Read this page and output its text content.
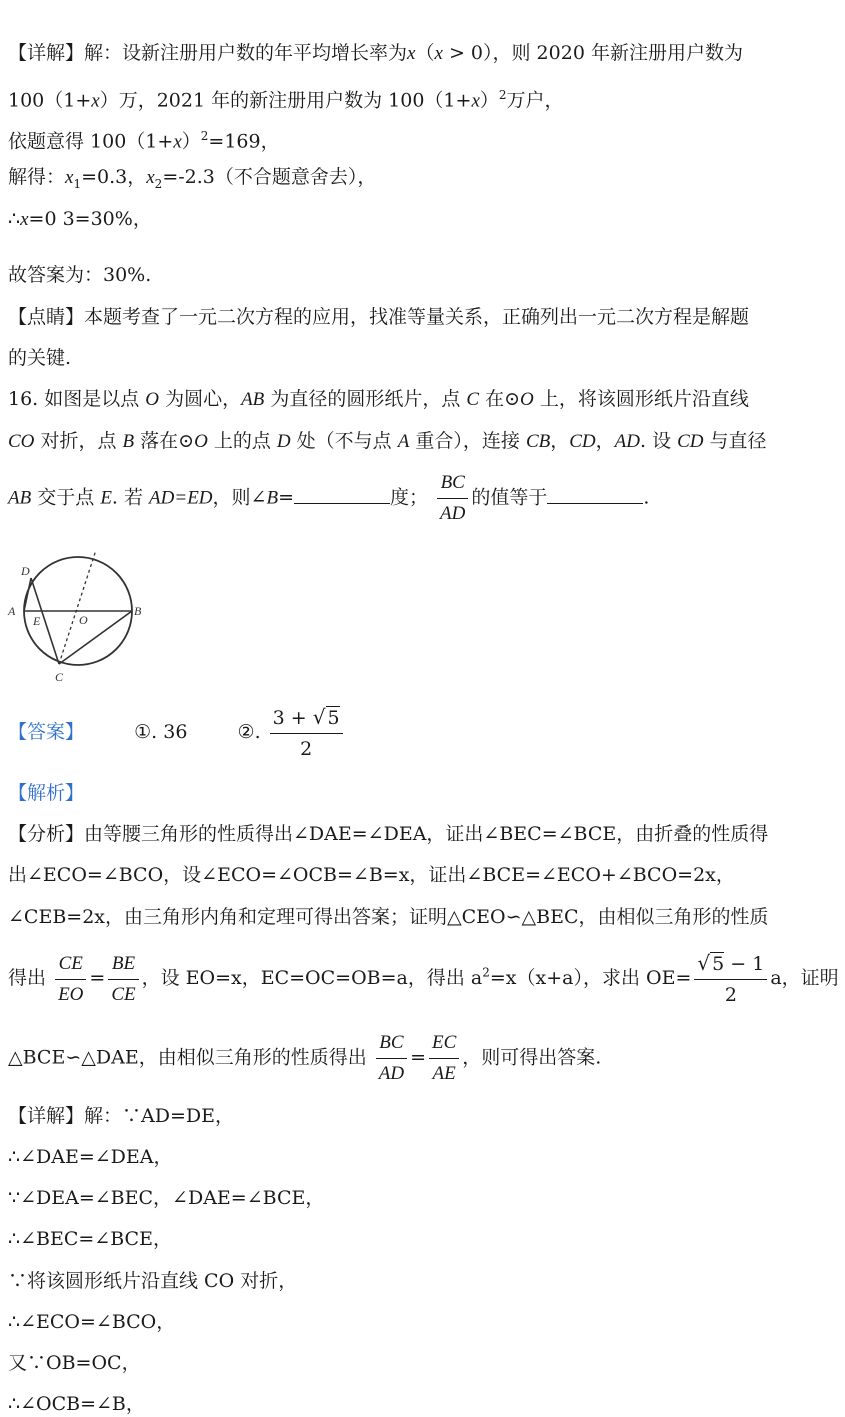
【详解】解：设新注册用户数的年平均增长率为x（x > 0），则 2020 年新注册用户数为
100（1+x）万，2021 年的新注册用户数为 $100(1+x)^2$万户，
依题意得 $100(1+x)^2=169$，
解得：$x_1=0.3$，$x_2=-2.3$（不合题意舍去），
∴x=0 3=30%，
故答案为：30%.
【点睛】本题考查了一元二次方程的应用，找准等量关系，正确列出一元二次方程是解题
的关键.
16. 如图是以点 O 为圆心，AB 为直径的圆形纸片，点 C 在⊙O 上，将该圆形纸片沿直线
CO 对折，点 B 落在⊙O 上的点 D 处（不与点 A 重合），连接 CB，CD，AD. 设 CD 与直径
AB 交于点 E. 若 AD=ED，则∠B=	度； $\frac{BC}{AD}$ 的值等于	.
D
A
E	O
B
C
【答案】	①. 36	②. $\frac{3 + √ 5}{2}$
【解析】
【分析】由等腰三角形的性质得出∠DAE=∠DEA，证出∠BEC=∠BCE，由折叠的性质得
出∠ECO=∠BCO，设∠ECO=∠OCB=∠B=x，证出∠BCE=∠ECO+∠BCO=2x，
∠CEB=2x，由三角形内角和定理可得出答案；证明△CEO∽△BEC，由相似三角形的性质
得出 $\frac{CE}{EO} = \frac{BE}{CE}$ ，设 EO=x，EC=OC=OB=a，得出 $a^2=x(x+a)$，求出 $OE= \frac{√ 5 - 1}{2}$ a，证明
△BCE∽△DAE，由相似三角形的性质得出 $\frac{BC}{AD} = \frac{EC}{AE}$ ，则可得出答案.
【详解】解：∵AD=DE，
∴∠DAE=∠DEA，
∵∠DEA=∠BEC，∠DAE=∠BCE，
∴∠BEC=∠BCE，
∵将该圆形纸片沿直线 CO 对折，
∴∠ECO=∠BCO，
又∵OB=OC，
∴∠OCB=∠B，
